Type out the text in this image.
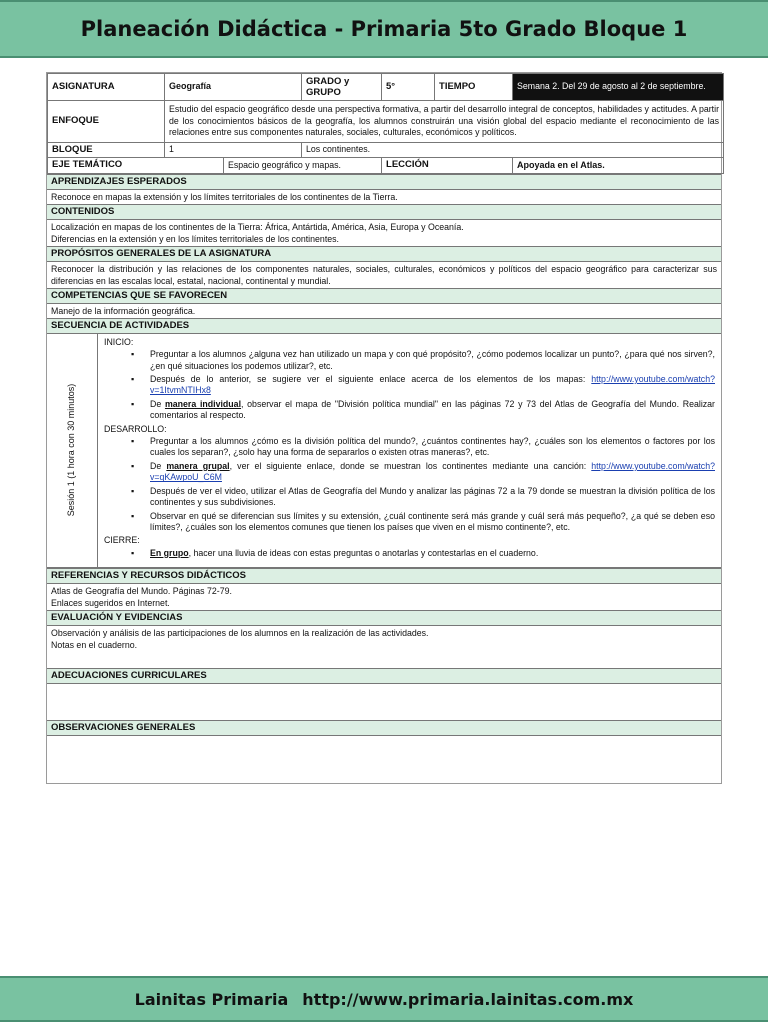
Planeación Didáctica - Primaria 5to Grado Bloque 1
ASIGNATURA	Geografía		GRADO y GRUPO	5°	TIEMPO	Semana 2. Del 29 de agosto al 2 de septiembre.
ENFOQUE	Estudio del espacio geográfico desde una perspectiva formativa, a partir del desarrollo integral de conceptos, habilidades y actitudes. A partir de los conocimientos básicos de la geografía, los alumnos construirán una visión global del espacio mediante el reconocimiento de las relaciones entre sus componentes naturales, sociales, culturales, económicos y políticos.					
BLOQUE	1		Los continentes.			
EJE TEMÁTICO		Espacio geográfico y mapas.		LECCIÓN		Apoyada en el Atlas.
APRENDIZAJES ESPERADOS
Reconoce en mapas la extensión y los límites territoriales de los continentes de la Tierra.
CONTENIDOS
Localización en mapas de los continentes de la Tierra: África, Antártida, América, Asia, Europa y Oceanía.
Diferencias en la extensión y en los límites territoriales de los continentes.
PROPÓSITOS GENERALES DE LA ASIGNATURA
Reconocer la distribución y las relaciones de los componentes naturales, sociales, culturales, económicos y políticos del espacio geográfico para caracterizar sus diferencias en las escalas local, estatal, nacional, continental y mundial.
COMPETENCIAS QUE SE FAVORECEN
Manejo de la información geográfica.
SECUENCIA DE ACTIVIDADES
Sesión 1 (1 hora con 30 minutos)
INICIO:
▪ Preguntar a los alumnos ¿alguna vez han utilizado un mapa y con qué propósito?, ¿cómo podemos localizar un punto?, ¿para qué nos sirven?, ¿en qué situaciones los podemos utilizar?, etc.
▪ Después de lo anterior, se sugiere ver el siguiente enlace acerca de los elementos de los mapas: http://www.youtube.com/watch?v=1ItvmNTIHx8
▪ De manera individual, observar el mapa de "División política mundial" en las páginas 72 y 73 del Atlas de Geografía del Mundo. Realizar comentarios al respecto.
DESARROLLO:
▪ Preguntar a los alumnos ¿cómo es la división política del mundo?, ¿cuántos continentes hay?, ¿cuáles son los elementos o factores por los cuales los separan?, ¿solo hay una forma de separarlos o existen otras maneras?, etc.
▪ De manera grupal, ver el siguiente enlace, donde se muestran los continentes mediante una canción: http://www.youtube.com/watch?v=qKAwpoU_C6M
▪ Después de ver el video, utilizar el Atlas de Geografía del Mundo y analizar las páginas 72 a la 79 donde se muestran la división política de los continentes y sus subdivisiones.
▪ Observar en qué se diferencian sus límites y su extensión, ¿cuál continente será más grande y cuál será más pequeño?, ¿a qué se deben eso límites?, ¿cuáles son los elementos comunes que tienen los países que viven en el mismo continente?, etc.
CIERRE:
▪ En grupo, hacer una lluvia de ideas con estas preguntas o anotarlas y contestarlas en el cuaderno.
REFERENCIAS Y RECURSOS DIDÁCTICOS
Atlas de Geografía del Mundo. Páginas 72-79.
Enlaces sugeridos en Internet.
EVALUACIÓN Y EVIDENCIAS
Observación y análisis de las participaciones de los alumnos en la realización de las actividades.
Notas en el cuaderno.
ADECUACIONES CURRICULARES
OBSERVACIONES GENERALES
Lainitas Primaria http://www.primaria.lainitas.com.mx
